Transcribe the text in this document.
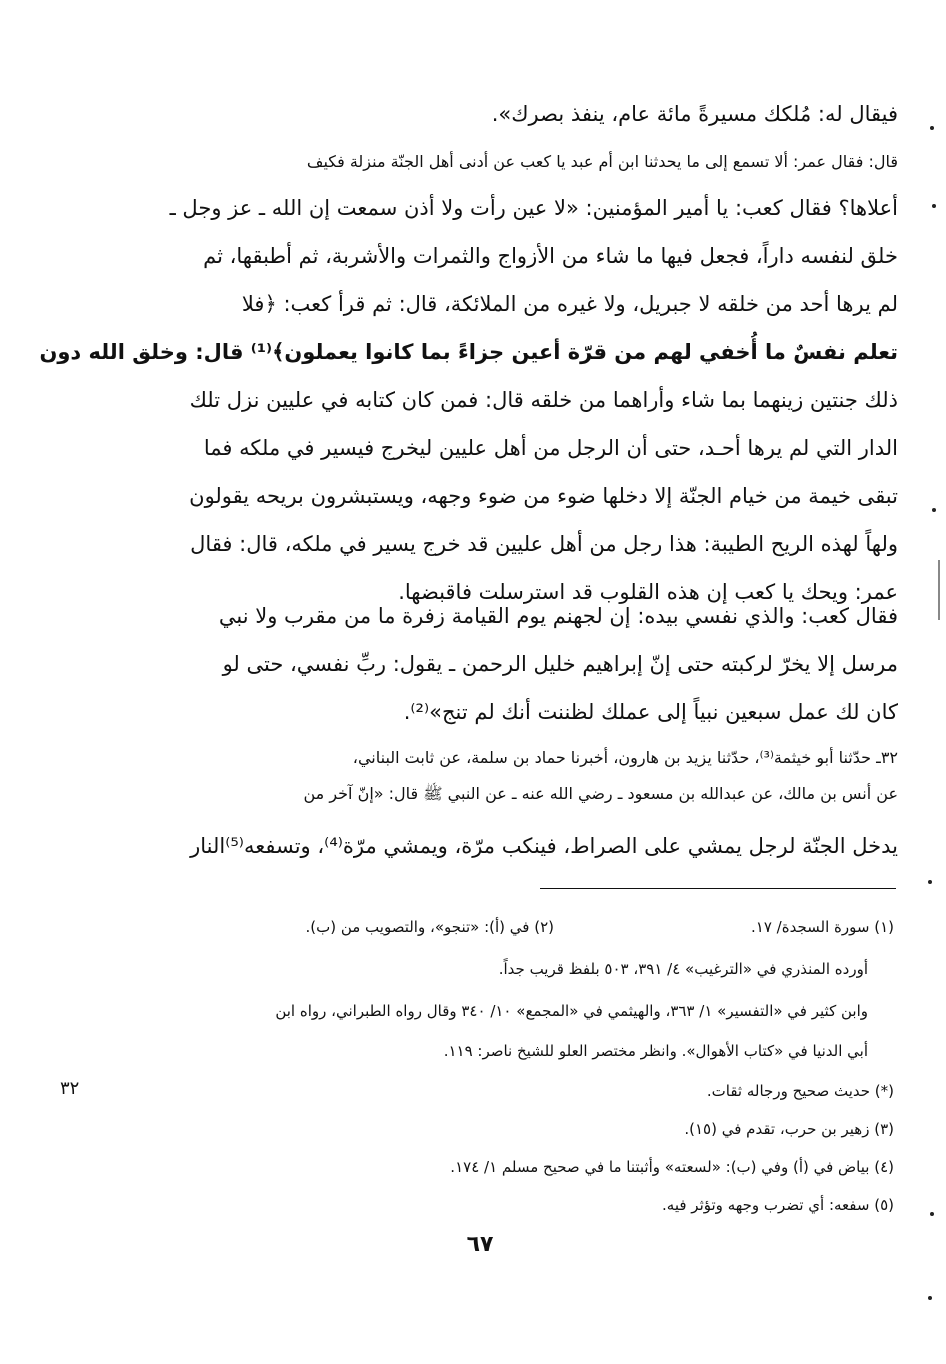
فيقال له: مُلكك مسيرةً مائة عام، ينفذ بصرك».
قال: فقال عمر: ألا تسمع إلى ما يحدثنا ابن أم عبد يا كعب عن أدنى أهل الجنّة منزلة فكيف
أعلاها؟ فقال كعب: يا أمير المؤمنين: «لا عين رأت ولا أذن سمعت إن الله ـ عز وجل ـ
خلق لنفسه داراً، فجعل فيها ما شاء من الأزواج والثمرات والأشربة، ثم أطبقها، ثم
لم يرها أحد من خلقه لا جبريل، ولا غيره من الملائكة، قال: ثم قرأ كعب: ﴿فلا
تعلم نفسٌ ما أُخفي لهم من قرّة أعين جزاءً بما كانوا يعملون﴾⁽¹⁾ قال: وخلق الله دون
ذلك جنتين زينهما بما شاء وأراهما من خلقه قال: فمن كان كتابه في عليين نزل تلك
الدار التي لم يرها أحـد، حتى أن الرجل من أهل عليين ليخرج فيسير في ملكه فما
تبقى خيمة من خيام الجنّة إلا دخلها ضوء من ضوء وجهه، ويستبشرون بريحه يقولون
ولهاً لهذه الريح الطيبة: هذا رجل من أهل عليين قد خرج يسير في ملكه، قال: فقال
عمر: ويحك يا كعب إن هذه القلوب قد استرسلت فاقبضها.
فقال كعب: والذي نفسي بيده: إن لجهنم يوم القيامة زفرة ما من مقرب ولا نبي
مرسل إلا يخرّ لركبته حتى إنّ إبراهيم خليل الرحمن ـ يقول: ربِّ نفسي، حتى لو
كان لك عمل سبعين نبياً إلى عملك لظننت أنك لم تنج»⁽²⁾.
٣٢ـ حدّثنا أبو خيثمة⁽³⁾، حدّثنا يزيد بن هارون، أخبرنا حماد بن سلمة، عن ثابت البناني،
عن أنس بن مالك، عن عبدالله بن مسعود ـ رضي الله عنه ـ عن النبي ﷺ قال: «إنّ آخر من
يدخل الجنّة لرجل يمشي على الصراط، فينكب مرّة، ويمشي مرّة⁽⁴⁾، وتسفعه⁽⁵⁾النار
(١) سورة السجدة/ ١٧.
(٢) في (أ): «تنجو»، والتصويب من (ب).
أورده المنذري في «الترغيب» ٤/ ٣٩١، ٥٠٣ بلفظ قريب جداً.
وابن كثير في «التفسير» ١/ ٣٦٣، والهيثمي في «المجمع» ١٠/ ٣٤٠ وقال رواه الطبراني، رواه ابن
أبي الدنيا في «كتاب الأهوال». وانظر مختصر العلو للشيخ ناصر: ١١٩.
(*) حديث صحيح ورجاله ثقات.
(٣) زهير بن حرب، تقدم في (١٥).
(٤) بياض في (أ) وفي (ب): «لسعته» وأثبتنا ما في صحيح مسلم ١/ ١٧٤.
(٥) سفعه: أي تضرب وجهه وتؤثر فيه.
٣٢
٦٧
